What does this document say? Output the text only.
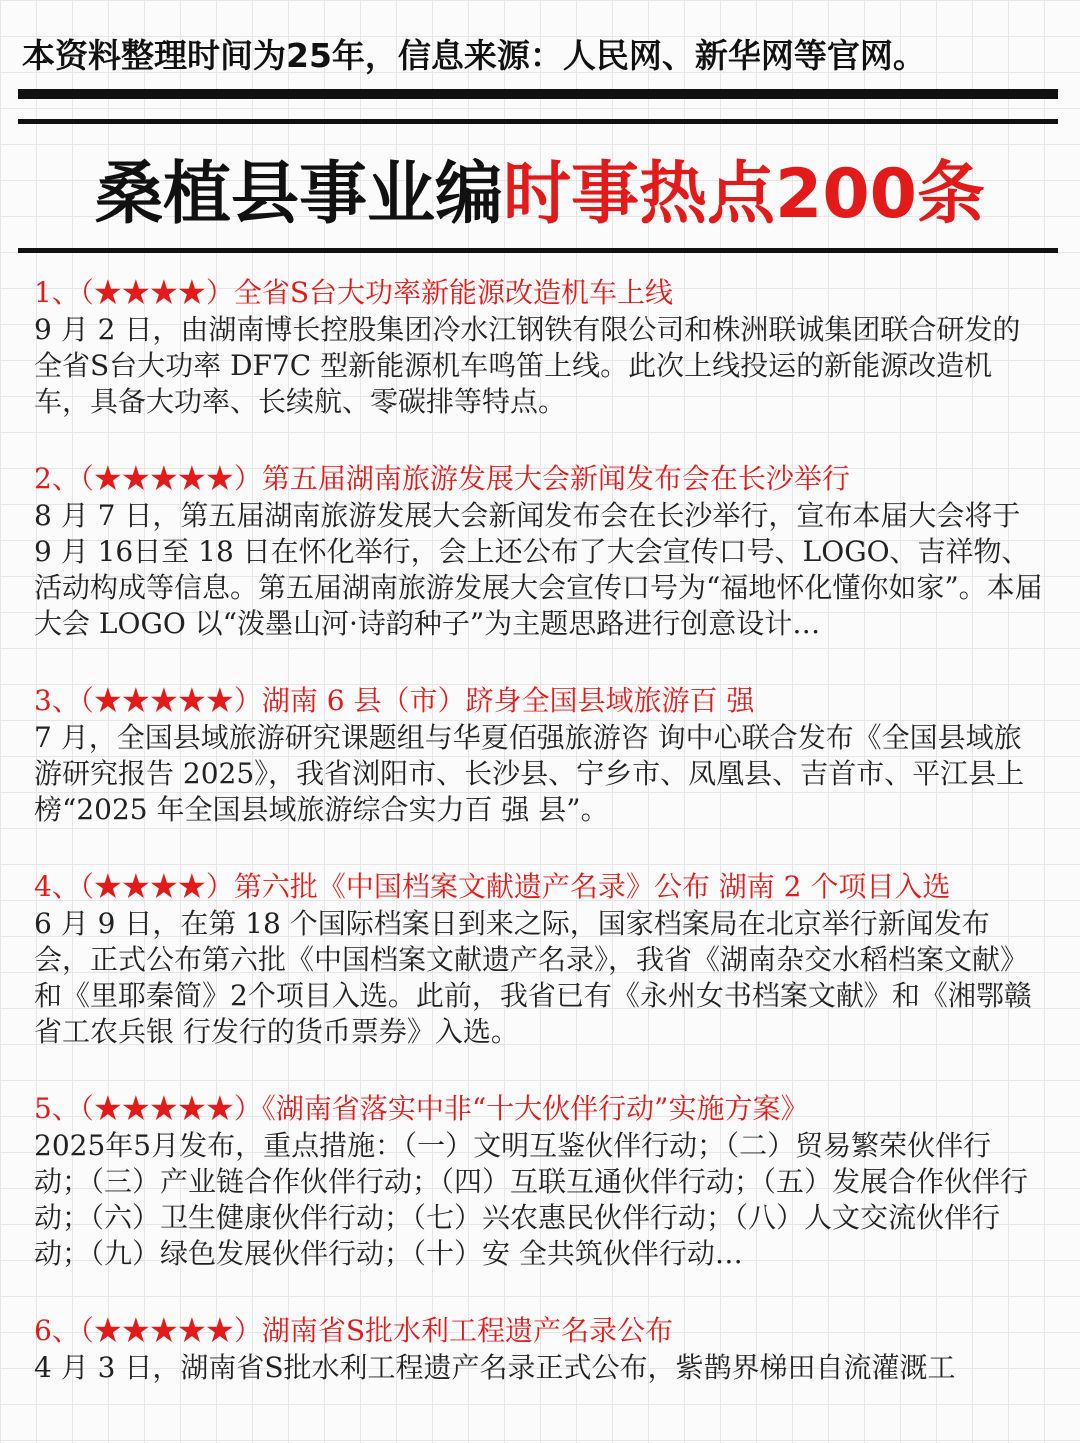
本资料整理时间为25年，信息来源：人民网、新华网等官网。
桑植县事业编时事热点200条
1、（★★★★）全省S台大功率新能源改造机车上线
9 月 2 日，由湖南博长控股集团冷水江钢铁有限公司和株洲联诚集团联合研发的全省S台大功率 DF7C 型新能源机车鸣笛上线。此次上线投运的新能源改造机车，具备大功率、长续航、零碳排等特点。
2、（★★★★★）第五届湖南旅游发展大会新闻发布会在长沙举行
8 月 7 日，第五届湖南旅游发展大会新闻发布会在长沙举行，宣布本届大会将于 9 月 16日至 18 日在怀化举行，会上还公布了大会宣传口号、LOGO、吉祥物、活动构成等信息。第五届湖南旅游发展大会宣传口号为“福地怀化懂你如家”。本届大会 LOGO 以“泼墨山河·诗韵种子”为主题思路进行创意设计…
3、（★★★★★）湖南 6 县（市）跻身全国县域旅游百 强
7 月，全国县域旅游研究课题组与华夏佰强旅游咨 询中心联合发布《全国县域旅游研究报告 2025》，我省浏阳市、长沙县、宁乡市、凤凰县、吉首市、平江县上榜“2025 年全国县域旅游综合实力百 强 县”。
4、（★★★★）第六批《中国档案文献遗产名录》公布 湖南 2 个项目入选
6 月 9 日，在第 18 个国际档案日到来之际，国家档案局在北京举行新闻发布会，正式公布第六批《中国档案文献遗产名录》，我省《湖南杂交水稻档案文献》和《里耶秦简》2个项目入选。此前，我省已有《永州女书档案文献》和《湘鄂赣省工农兵银 行发行的货币票券》入选。
5、（★★★★★）《湖南省落实中非“十大伙伴行动”实施方案》
2025年5月发布，重点措施：（一）文明互鉴伙伴行动；（二）贸易繁荣伙伴行动；（三）产业链合作伙伴行动；（四）互联互通伙伴行动；（五）发展合作伙伴行动；（六）卫生健康伙伴行动；（七）兴农惠民伙伴行动；（八）人文交流伙伴行动；（九）绿色发展伙伴行动；（十）安 全共筑伙伴行动…
6、（★★★★★）湖南省S批水利工程遗产名录公布
4 月 3 日，湖南省S批水利工程遗产名录正式公布，紫鹊界梯田自流灌溉工
